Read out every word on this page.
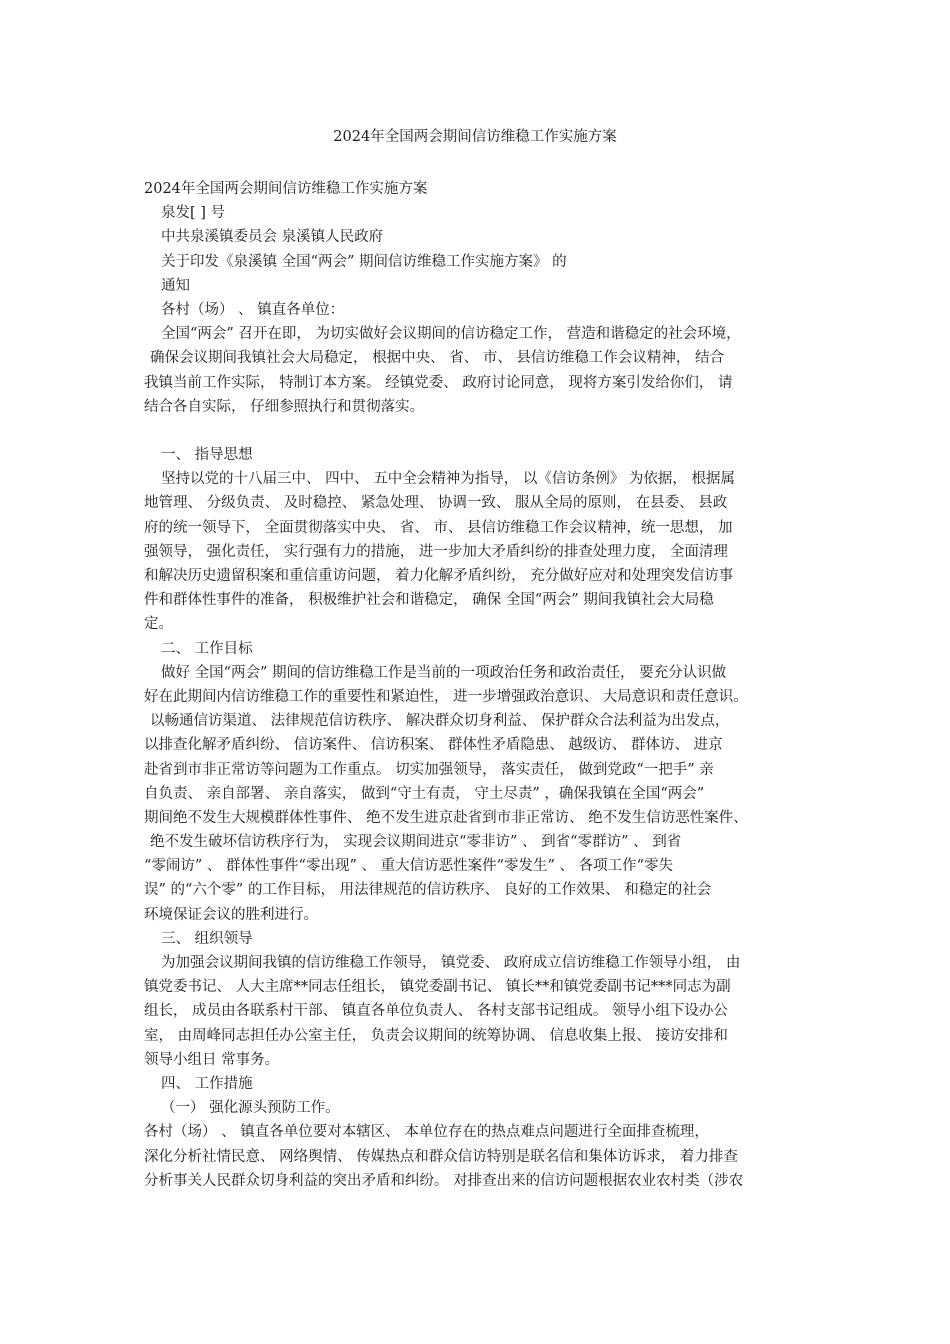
2024年全国两会期间信访维稳工作实施方案
2024年全国两会期间信访维稳工作实施方案
泉发[ ] 号
中共泉溪镇委员会 泉溪镇人民政府
关于印发《泉溪镇 全国“两会” 期间信访维稳工作实施方案》 的
通知
各村（场） 、 镇直各单位：
全国“两会” 召开在即， 为切实做好会议期间的信访稳定工作， 营造和谐稳定的社会环境，
确保会议期间我镇社会大局稳定， 根据中央、 省、 市、 县信访维稳工作会议精神， 结合
我镇当前工作实际， 特制订本方案。 经镇党委、 政府讨论同意， 现将方案引发给你们， 请
结合各自实际， 仔细参照执行和贯彻落实。
一、 指导思想
坚持以党的十八届三中、 四中、 五中全会精神为指导， 以《信访条例》 为依据， 根据属
地管理、 分级负责、 及时稳控、 紧急处理、 协调一致、 服从全局的原则， 在县委、 县政
府的统一领导下， 全面贯彻落实中央、 省、 市、 县信访维稳工作会议精神，统一思想， 加
强领导， 强化责任， 实行强有力的措施， 进一步加大矛盾纠纷的排查处理力度， 全面清理
和解决历史遗留积案和重信重访问题， 着力化解矛盾纠纷， 充分做好应对和处理突发信访事
件和群体性事件的准备， 积极维护社会和谐稳定， 确保 全国“两会” 期间我镇社会大局稳
定。
二、 工作目标
做好 全国“两会” 期间的信访维稳工作是当前的一项政治任务和政治责任， 要充分认识做
好在此期间内信访维稳工作的重要性和紧迫性， 进一步增强政治意识、 大局意识和责任意识。
以畅通信访渠道、 法律规范信访秩序、 解决群众切身利益、 保护群众合法利益为出发点，
以排查化解矛盾纠纷、 信访案件、 信访积案、 群体性矛盾隐患、 越级访、 群体访、 进京
赴省到市非正常访等问题为工作重点。 切实加强领导， 落实责任， 做到党政“一把手” 亲
自负责、 亲自部署、 亲自落实， 做到“守土有责， 守土尽责” ，确保我镇在全国“两会”
期间绝不发生大规模群体性事件、 绝不发生进京赴省到市非正常访、 绝不发生信访恶性案件、
绝不发生破坏信访秩序行为， 实现会议期间进京“零非访” 、 到省“零群访” 、 到省
“零闹访” 、 群体性事件“零出现” 、 重大信访恶性案件“零发生” 、 各项工作“零失
误” 的“六个零” 的工作目标， 用法律规范的信访秩序、 良好的工作效果、 和稳定的社会
环境保证会议的胜利进行。
三、 组织领导
为加强会议期间我镇的信访维稳工作领导， 镇党委、 政府成立信访维稳工作领导小组， 由
镇党委书记、 人大主席**同志任组长， 镇党委副书记、 镇长**和镇党委副书记***同志为副
组长， 成员由各联系村干部、 镇直各单位负责人、 各村支部书记组成。 领导小组下设办公
室， 由周峰同志担任办公室主任， 负责会议期间的统筹协调、 信息收集上报、 接访安排和
领导小组日 常事务。
四、 工作措施
（一） 强化源头预防工作。
各村（场） 、 镇直各单位要对本辖区、 本单位存在的热点难点问题进行全面排查梳理，
深化分析社情民意、 网络舆情、 传媒热点和群众信访特别是联名信和集体访诉求， 着力排查
分析事关人民群众切身利益的突出矛盾和纠纷。 对排查出来的信访问题根据农业农村类（涉农
